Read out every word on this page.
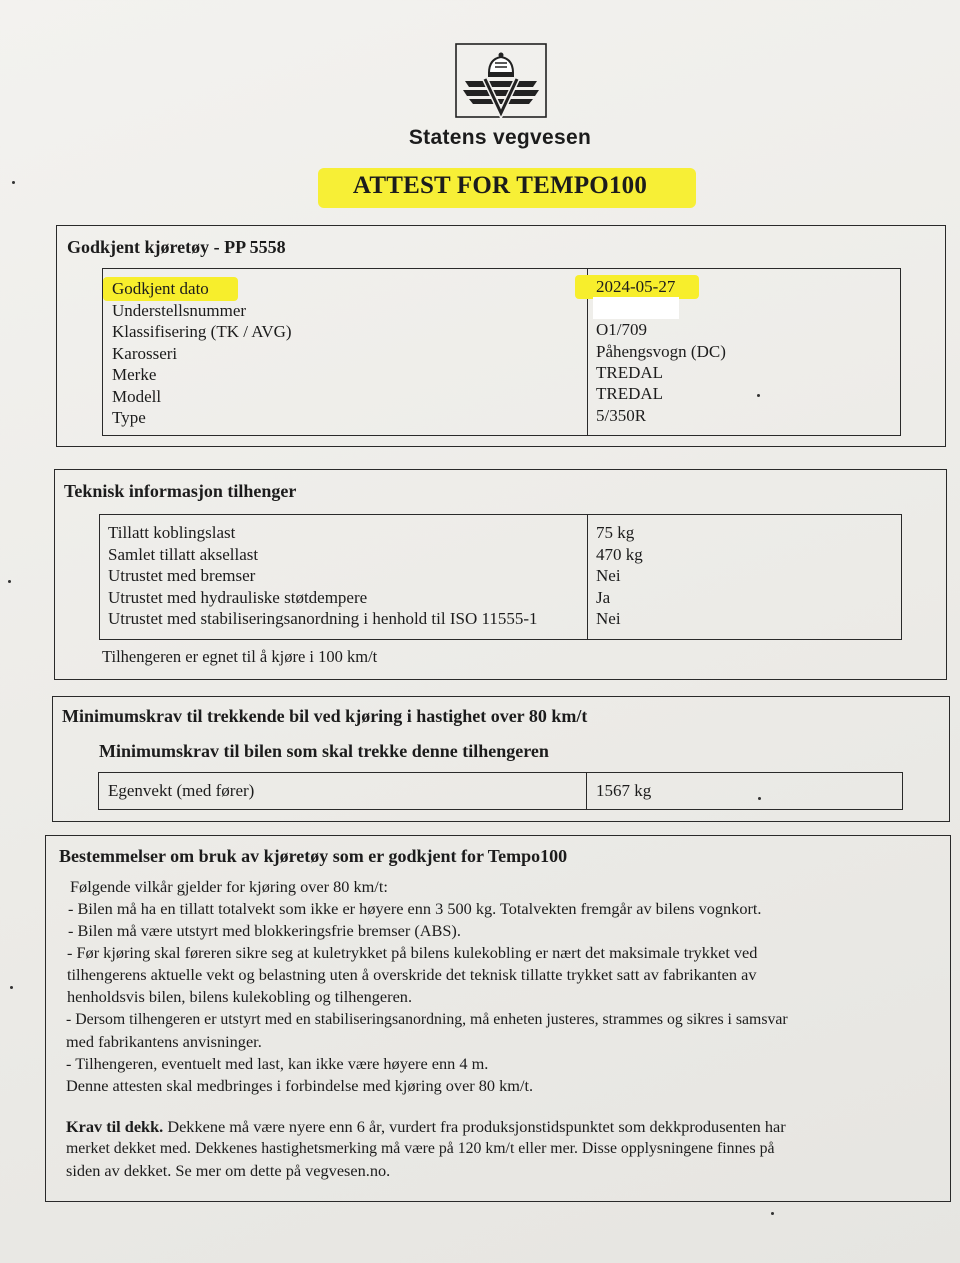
Statens vegvesen
ATTEST FOR TEMPO100
Godkjent kjøretøy - PP 5558
Godkjent dato	2024-05-27
Understellsnummer
Klassifisering (TK / AVG)	O1/709
Karosseri	Påhengsvogn (DC)
Merke	TREDAL
Modell	TREDAL
Type	5/350R
Teknisk informasjon tilhenger
Tillatt koblingslast	75 kg
Samlet tillatt aksellast	470 kg
Utrustet med bremser	Nei
Utrustet med hydrauliske støtdempere	Ja
Utrustet med stabiliseringsanordning i henhold til ISO 11555-1	Nei
Tilhengeren er egnet til å kjøre i 100 km/t
Minimumskrav til trekkende bil ved kjøring i hastighet over 80 km/t
Minimumskrav til bilen som skal trekke denne tilhengeren
Egenvekt (med fører)	1567 kg
Bestemmelser om bruk av kjøretøy som er godkjent for Tempo100
Følgende vilkår gjelder for kjøring over 80 km/t:
- Bilen må ha en tillatt totalvekt som ikke er høyere enn 3 500 kg. Totalvekten fremgår av bilens vognkort.
- Bilen må være utstyrt med blokkeringsfrie bremser (ABS).
- Før kjøring skal føreren sikre seg at kuletrykket på bilens kulekobling er nært det maksimale trykket ved
tilhengerens aktuelle vekt og belastning uten å overskride det teknisk tillatte trykket satt av fabrikanten av
henholdsvis bilen, bilens kulekobling og tilhengeren.
- Dersom tilhengeren er utstyrt med en stabiliseringsanordning, må enheten justeres, strammes og sikres i samsvar
med fabrikantens anvisninger.
- Tilhengeren, eventuelt med last, kan ikke være høyere enn 4 m.
Denne attesten skal medbringes i forbindelse med kjøring over 80 km/t.
Krav til dekk. Dekkene må være nyere enn 6 år, vurdert fra produksjonstidspunktet som dekkprodusenten har
merket dekket med. Dekkenes hastighetsmerking må være på 120 km/t eller mer. Disse opplysningene finnes på
siden av dekket. Se mer om dette på vegvesen.no.
